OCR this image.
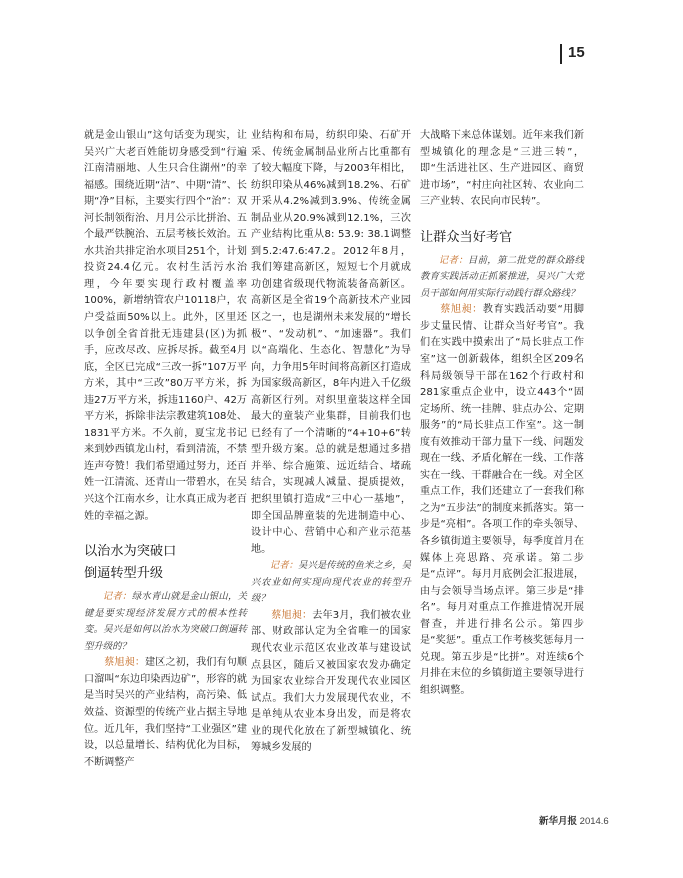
15

就是金山银山”这句话变为现实，让吴兴广大老百姓能切身感受到“行遍江南清丽地、人生只合住湖州”的幸福感。围绕近期“洁”、中期“清”、长期“净”目标，主要实行四个“治”：双河长制领衔治、月月公示比拼治、五个最严铁腕治、五层考核长效治。五水共治共排定治水项目251个，计划投资24.4亿元。农村生活污水治理，今年要实现行政村覆盖率100%，新增纳管农户10118户，农户受益面50%以上。此外，区里还以争创全省首批无违建县(区)为抓手，应改尽改、应拆尽拆。截至4月底，全区已完成“三改一拆”107万平方米，其中“三改”80万平方米，拆违27万平方米，拆违1160户、42万平方米，拆除非法宗教建筑108处、1831平方米。不久前，夏宝龙书记来到妙西镇龙山村，看到清流，不禁连声夸赞！我们希望通过努力，还百姓一江清流、还青山一带碧水，在吴兴这个江南水乡，让水真正成为老百姓的幸福之源。

以治水为突破口
倒逼转型升级

记者：绿水青山就是金山银山，关键是要实现经济发展方式的根本性转变。吴兴是如何以治水为突破口倒逼转型升级的？

蔡旭昶：建区之初，我们有句顺口溜叫“东边印染西边矿”，形容的就是当时吴兴的产业结构，高污染、低效益、资源型的传统产业占据主导地位。近几年，我们坚持“工业强区”建设，以总量增长、结构优化为目标，不断调整产

业结构和布局，纺织印染、石矿开采、传统金属制品业所占比重都有了较大幅度下降，与2003年相比，纺织印染从46%减到18.2%、石矿开采从4.2%减到3.9%、传统金属制品业从20.9%减到12.1%，三次产业结构比重从8: 53.9: 38.1调整到5.2:47.6:47.2。2012年8月，我们筹建高新区，短短七个月就成功创建省级现代物流装备高新区。高新区是全省19个高新技术产业园区之一，也是湖州未来发展的“增长极”、“发动机”、“加速器”。我们以“高端化、生态化、智慧化”为导向，力争用5年时间将高新区打造成为国家级高新区，8年内进入千亿级高新区行列。对织里童装这样全国最大的童装产业集群，目前我们也已经有了一个清晰的“4+10+6”转型升级方案。总的就是想通过多措并举、综合施策、远近结合、堵疏结合，实现减人减量、提质提效，把织里镇打造成“三中心一基地”，即全国品牌童装的先进制造中心、设计中心、营销中心和产业示范基地。

记者：吴兴是传统的鱼米之乡，吴兴农业如何实现向现代农业的转型升级？

蔡旭昶：去年3月，我们被农业部、财政部认定为全省唯一的国家现代农业示范区农业改革与建设试点县区，随后又被国家农发办确定为国家农业综合开发现代农业园区试点。我们大力发展现代农业，不是单纯从农业本身出发，而是将农业的现代化放在了新型城镇化、统筹城乡发展的

大战略下来总体谋划。近年来我们新型城镇化的理念是“三进三转”，即“生活进社区、生产进园区、商贸进市场”，“村庄向社区转、农业向二三产业转、农民向市民转”。

让群众当好考官

记者：目前，第二批党的群众路线教育实践活动正抓紧推进，吴兴广大党员干部如何用实际行动践行群众路线？

蔡旭昶：教育实践活动要“用脚步丈量民情、让群众当好考官”。我们在实践中摸索出了“局长驻点工作室”这一创新载体，组织全区209名科局级领导干部在162个行政村和281家重点企业中，设立443个“固定场所、统一挂牌、驻点办公、定期服务”的“局长驻点工作室”。这一制度有效推动干部力量下一线、问题发现在一线、矛盾化解在一线、工作落实在一线、干群融合在一线。对全区重点工作，我们还建立了一套我们称之为“五步法”的制度来抓落实。第一步是“亮相”。各项工作的牵头领导、各乡镇街道主要领导，每季度首月在媒体上亮思路、亮承诺。第二步是“点评”。每月月底例会汇报进展，由与会领导当场点评。第三步是“排名”。每月对重点工作推进情况开展督查，并进行排名公示。第四步是“奖惩”。重点工作考核奖惩每月一兑现。第五步是“比拼”。对连续6个月排在末位的乡镇街道主要领导进行组织调整。

新华月报 2014.6
